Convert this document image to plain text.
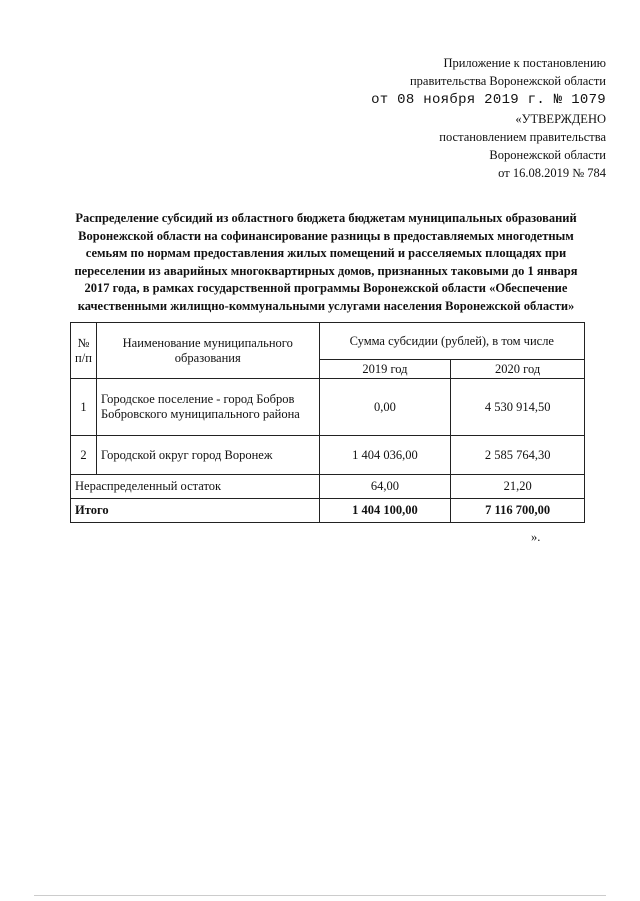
Приложение к постановлению
правительства Воронежской области
от 08 ноября 2019 г. № 1079
«УТВЕРЖДЕНО
постановлением правительства
Воронежской области
от 16.08.2019 № 784
Распределение субсидий из областного бюджета бюджетам муниципальных образований Воронежской области на софинансирование разницы в предоставляемых многодетным семьям по нормам предоставления жилых помещений и расселяемых площадях при переселении из аварийных многоквартирных домов, признанных таковыми до 1 января 2017 года, в рамках государственной программы Воронежской области «Обеспечение качественными жилищно-коммунальными услугами населения Воронежской области»
№ п/п	Наименование муниципального образования	Сумма субсидии (рублей), в том числе	
		2019 год	2020 год
1	Городское поселение - город Бобров Бобровского муниципального района	0,00	4 530 914,50
2	Городской округ город Воронеж	1 404 036,00	2 585 764,30
Нераспределенный остаток		64,00	21,20
Итого		1 404 100,00	7 116 700,00
».
